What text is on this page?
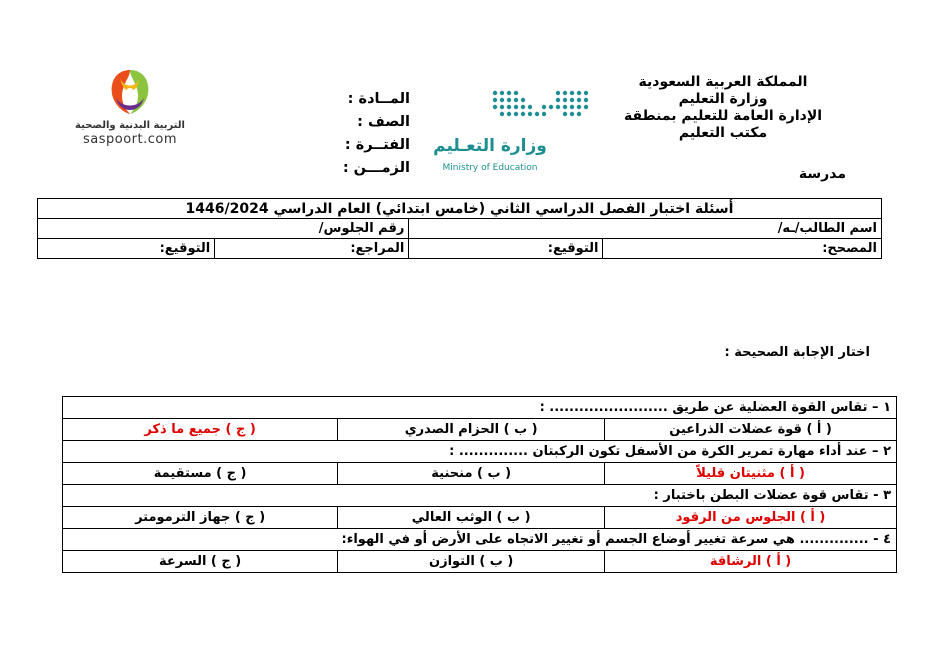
المملكة العربية السعودية
وزارة التعليم
الإدارة العامة للتعليم بمنطقة
مكتب التعليم
مدرسة
المــادة :
الصف :
الفتــرة :
الزمـــن :
وزارة التعـليم
Ministry of Education
التربية البدنية والصحية
saspoort.com
أسئلة اختبار الفصل الدراسي الثاني (خامس ابتدائي) العام الدراسي 1446/2024			
اسم الطالب/ـه/		رقم الجلوس/	
المصحح:	التوقيع:	المراجع:	التوقيع:
اختار الإجابة الصحيحة :
١ – تقاس القوة العضلية عن طريق ........................ :		
( أ ) قوة عضلات الذراعين	( ب ) الحزام الصدري	( ج ) جميع ما ذكر
٢ – عند أداء مهارة تمرير الكرة من الأسفل تكون الركبتان .............. :		
( أ ) مثنيتان قليلاً	( ب ) منحنية	( ج ) مستقيمة
٣ - تقاس قوة عضلات البطن باختبار :		
( أ ) الجلوس من الرقود	( ب ) الوثب العالي	( ج ) جهاز الترمومتر
٤ - .............. هي سرعة تغيير أوضاع الجسم أو تغيير الاتجاه على الأرض أو في الهواء:		
( أ ) الرشاقة	( ب ) التوازن	( ج ) السرعة
